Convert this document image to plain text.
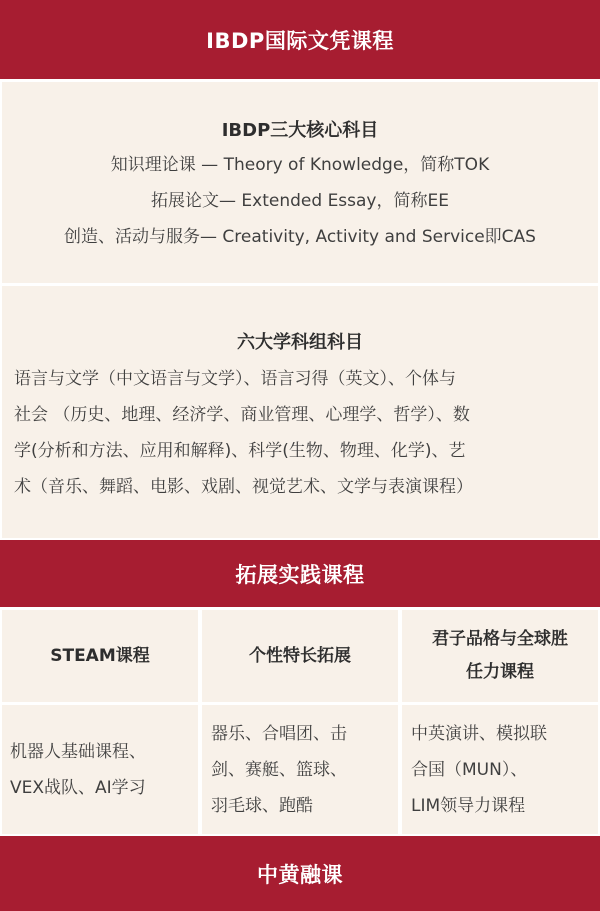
IBDP国际文凭课程
IBDP三大核心科目
知识理论课 — Theory of Knowledge，简称TOK
拓展论文— Extended Essay，简称EE
创造、活动与服务— Creativity, Activity and Service即CAS
六大学科组科目
语言与文学（中文语言与文学）、语言习得（英文）、个体与
社会 （历史、地理、经济学、商业管理、心理学、哲学）、数
学(分析和方法、应用和解释)、科学(生物、物理、化学)、艺
术（音乐、舞蹈、电影、戏剧、视觉艺术、文学与表演课程）
拓展实践课程
STEAM课程	个性特长拓展
君子品格与全球胜
任力课程
机器人基础课程、
VEX战队、AI学习
器乐、合唱团、击
剑、赛艇、篮球、
羽毛球、跑酷
中英演讲、模拟联
合国（MUN）、
LIM领导力课程
中黄融课
